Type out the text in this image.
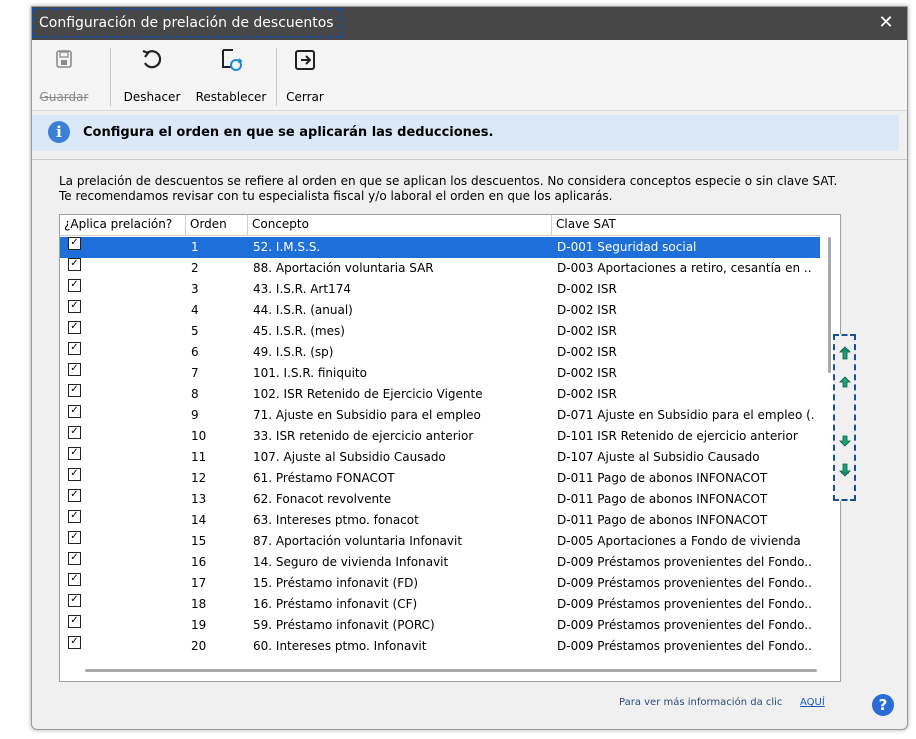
Configuración de prelación de descuentos	✕
Guardar	Deshacer	Restablecer	Cerrar
i	Configura el orden en que se aplicarán las deducciones.
La prelación de descuentos se refiere al orden en que se aplican los descuentos. No considera conceptos especie o sin clave SAT.
Te recomendamos revisar con tu especialista fiscal y/o laboral el orden en que los aplicarás.
¿Aplica prelación?	Orden	Concepto	Clave SAT
✓	1	52. I.M.S.S.	D-001 Seguridad social
✓	2	88. Aportación voluntaria SAR	D-003 Aportaciones a retiro, cesantía en ..
✓	3	43. I.S.R. Art174	D-002 ISR
✓	4	44. I.S.R. (anual)	D-002 ISR
✓	5	45. I.S.R. (mes)	D-002 ISR
✓	6	49. I.S.R. (sp)	D-002 ISR
✓	7	101. I.S.R. finiquito	D-002 ISR
✓	8	102. ISR Retenido de Ejercicio Vigente	D-002 ISR
✓	9	71. Ajuste en Subsidio para el empleo	D-071 Ajuste en Subsidio para el empleo (.
✓	10	33. ISR retenido de ejercicio anterior	D-101 ISR Retenido de ejercicio anterior
✓	11	107. Ajuste al Subsidio Causado	D-107 Ajuste al Subsidio Causado
✓	12	61. Préstamo FONACOT	D-011 Pago de abonos INFONACOT
✓	13	62. Fonacot revolvente	D-011 Pago de abonos INFONACOT
✓	14	63. Intereses ptmo. fonacot	D-011 Pago de abonos INFONACOT
✓	15	87. Aportación voluntaria Infonavit	D-005 Aportaciones a Fondo de vivienda
✓	16	14. Seguro de vivienda Infonavit	D-009 Préstamos provenientes del Fondo..
✓	17	15. Préstamo infonavit (FD)	D-009 Préstamos provenientes del Fondo..
✓	18	16. Préstamo infonavit (CF)	D-009 Préstamos provenientes del Fondo..
✓	19	59. Préstamo infonavit (PORC)	D-009 Préstamos provenientes del Fondo..
✓	20	60. Intereses ptmo. Infonavit	D-009 Préstamos provenientes del Fondo..
Para ver más información da clic AQUÍ	?
